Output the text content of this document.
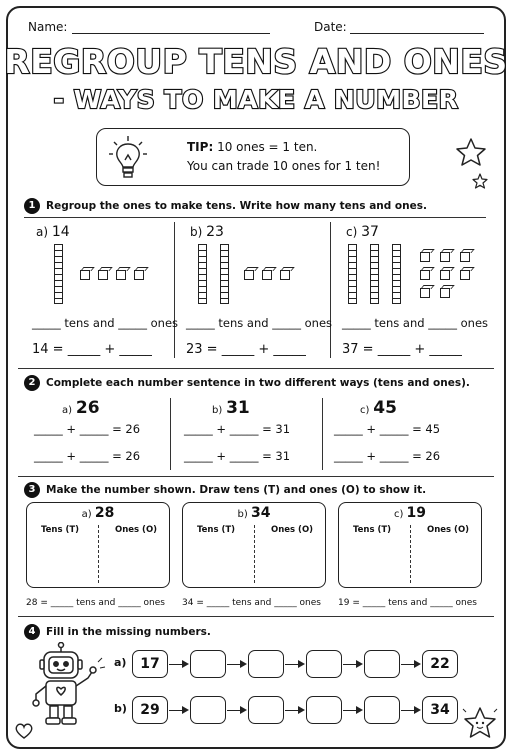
Name:	Date:
REGROUP TENS AND ONES
- WAYS TO MAKE A NUMBER
TIP: 10 ones = 1 ten.
You can trade 10 ones for 1 ten!
1	Regroup the ones to make tens. Write how many tens and ones.
a) 14
_____ tens and _____ ones
14 = _____ + _____
b) 23
_____ tens and _____ ones
23 = _____ + _____
c) 37
_____ tens and _____ ones
37 = _____ + _____
2	Complete each number sentence in two different ways (tens and ones).
a) 26
_____ + _____ = 26
_____ + _____ = 26
b) 31
_____ + _____ = 31
_____ + _____ = 31
c) 45
_____ + _____ = 45
_____ + _____ = 26
3	Make the number shown. Draw tens (T) and ones (O) to show it.
a) 28
Tens (T)	Ones (O)
b) 34
Tens (T)	Ones (O)
c) 19
Tens (T)	Ones (O)
28 = _____ tens and _____ ones 34 = _____ tens and _____ ones 19 = _____ tens and _____ ones
4	Fill in the missing numbers.
a) 17	22
b) 29	34
